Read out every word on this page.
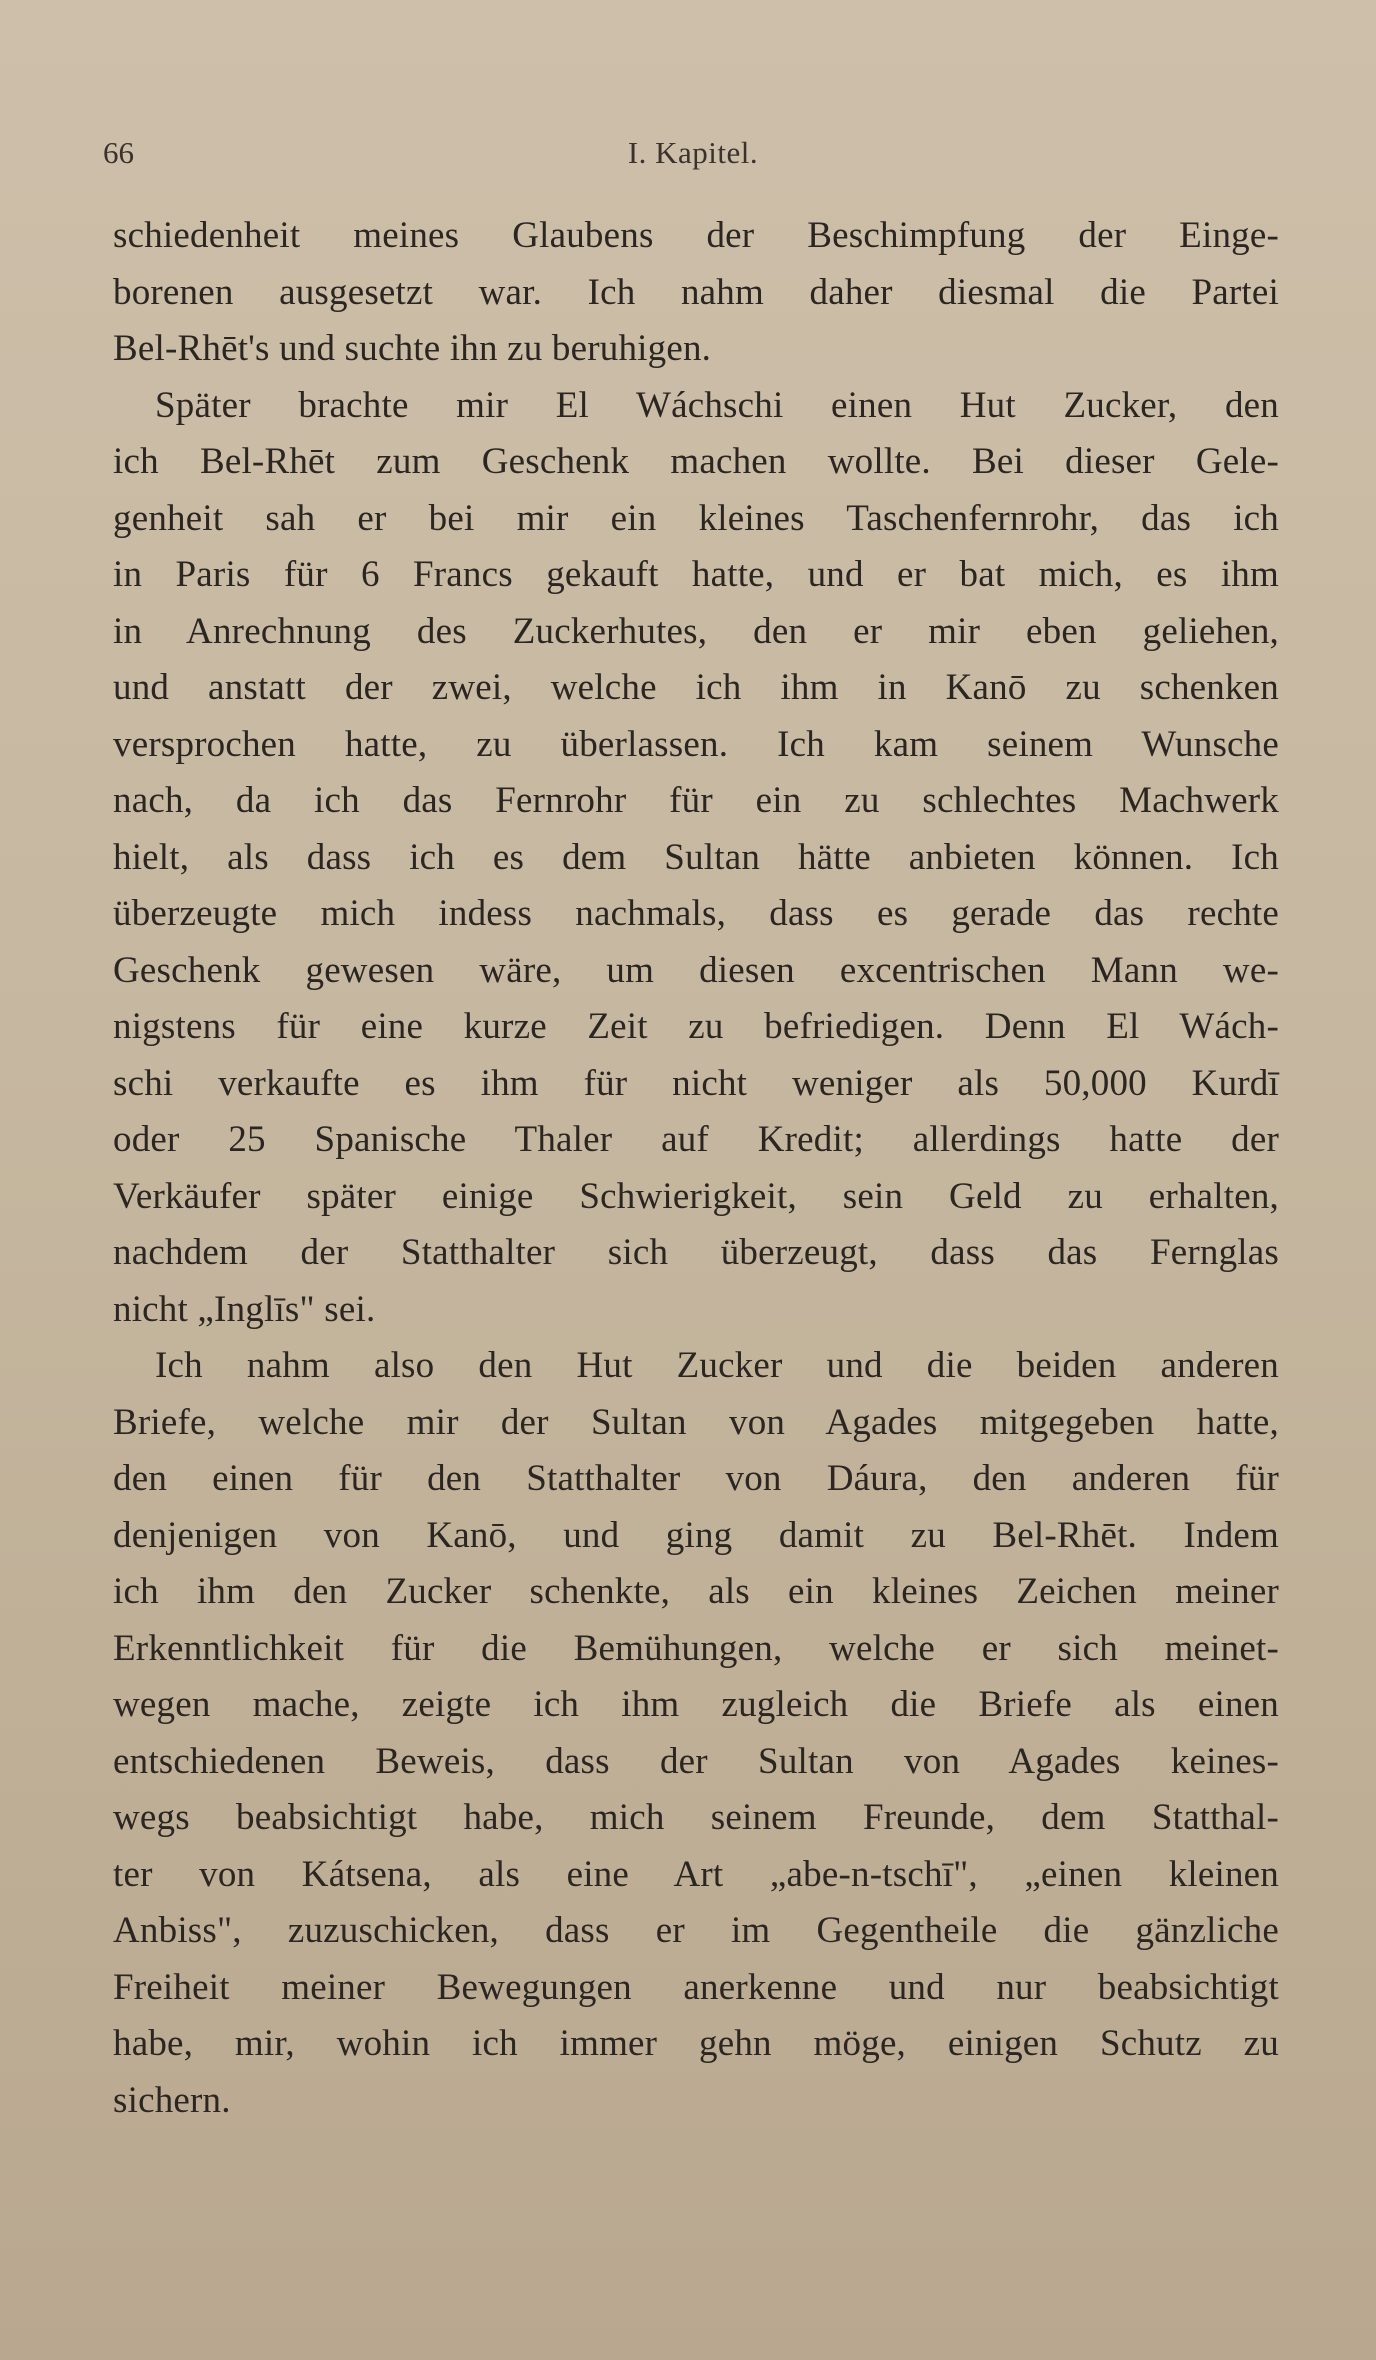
66	I. Kapitel.
schiedenheit meines Glaubens der Beschimpfung der Einge-
borenen ausgesetzt war. Ich nahm daher diesmal die Partei
Bel-Rhēt's und suchte ihn zu beruhigen.
Später brachte mir El Wáchschi einen Hut Zucker, den
ich Bel-Rhēt zum Geschenk machen wollte. Bei dieser Gele-
genheit sah er bei mir ein kleines Taschenfernrohr, das ich
in Paris für 6 Francs gekauft hatte, und er bat mich, es ihm
in Anrechnung des Zuckerhutes, den er mir eben geliehen,
und anstatt der zwei, welche ich ihm in Kanō zu schenken
versprochen hatte, zu überlassen. Ich kam seinem Wunsche
nach, da ich das Fernrohr für ein zu schlechtes Machwerk
hielt, als dass ich es dem Sultan hätte anbieten können. Ich
überzeugte mich indess nachmals, dass es gerade das rechte
Geschenk gewesen wäre, um diesen excentrischen Mann we-
nigstens für eine kurze Zeit zu befriedigen. Denn El Wách-
schi verkaufte es ihm für nicht weniger als 50,000 Kurdī
oder 25 Spanische Thaler auf Kredit; allerdings hatte der
Verkäufer später einige Schwierigkeit, sein Geld zu erhalten,
nachdem der Statthalter sich überzeugt, dass das Fernglas
nicht „Inglīs" sei.
Ich nahm also den Hut Zucker und die beiden anderen
Briefe, welche mir der Sultan von Agades mitgegeben hatte,
den einen für den Statthalter von Dáura, den anderen für
denjenigen von Kanō, und ging damit zu Bel-Rhēt. Indem
ich ihm den Zucker schenkte, als ein kleines Zeichen meiner
Erkenntlichkeit für die Bemühungen, welche er sich meinet-
wegen mache, zeigte ich ihm zugleich die Briefe als einen
entschiedenen Beweis, dass der Sultan von Agades keines-
wegs beabsichtigt habe, mich seinem Freunde, dem Statthal-
ter von Kátsena, als eine Art „abe-n-tschī", „einen kleinen
Anbiss", zuzuschicken, dass er im Gegentheile die gänzliche
Freiheit meiner Bewegungen anerkenne und nur beabsichtigt
habe, mir, wohin ich immer gehn möge, einigen Schutz zu
sichern.
